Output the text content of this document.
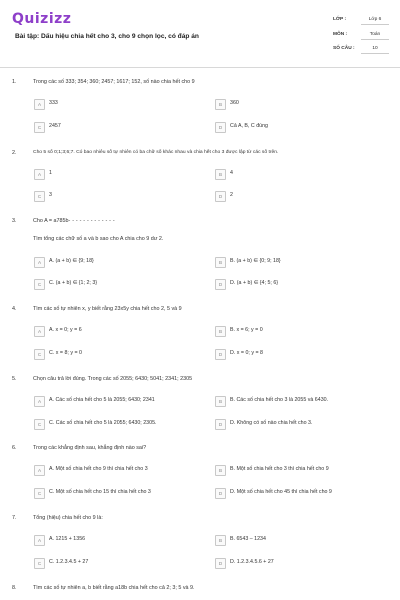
Quizizz
Bài tập: Dấu hiệu chia hết cho 3, cho 9 chọn lọc, có đáp án
LỚP :	Lớp 6
MÔN :	Toán
SỐ CÂU :	10
1.	Trong các số 333; 354; 360; 2457; 1617; 152, số nào chia hết cho 9
A	333	B	360
C	2457	D	Cả A, B, C đúng
2.	Cho 5 số 0;1;3;6;7. Có bao nhiêu số tự nhiên có ba chữ số khác nhau và chia hết cho 3 được lập từ các số trên.
A	1	B	4
C	3	D	2
3.	Cho A = a785b- - - - - - - - - - - - -
Tìm tổng các chữ số a và b sao cho A chia cho 9 dư 2.
A	A. (a + b) ∈ {9; 18}	B	B. (a + b) ∈ {0; 9; 18}
C	C. (a + b) ∈ {1; 2; 3}	D	D. (a + b) ∈ {4; 5; 6}
4.	Tìm các số tự nhiên x, y biết rằng 23x5y chia hết cho 2, 5 và 9
A	A. x = 0; y = 6	B	B. x = 6; y = 0
C	C. x = 8; y = 0	D	D. x = 0; y = 8
5.	Chọn câu trả lời đúng. Trong các số 2055; 6430; 5041; 2341; 2305
A	A. Các số chia hết cho 5 là 2055; 6430; 2341	B	B. Các số chia hết cho 3 là 2055 và 6430.
C	C. Các số chia hết cho 5 là 2055; 6430; 2305.	D	D. Không có số nào chia hết cho 3.
6.	Trong các khẳng định sau, khẳng định nào sai?
A	A. Một số chia hết cho 9 thì chia hết cho 3	B	B. Một số chia hết cho 3 thì chia hết cho 9
C	C. Một số chia hết cho 15 thì chia hết cho 3	D	D. Một số chia hết cho 45 thì chia hết cho 9
7.	Tổng (hiệu) chia hết cho 9 là:
A	A. 1215 + 1356	B	B. 6543 – 1234
C	C. 1.2.3.4.5 + 27	D	D. 1.2.3.4.5.6 + 27
8.	Tìm các số tự nhiên a, b biết rằng a18b chia hết cho cả 2; 3; 5 và 9.
